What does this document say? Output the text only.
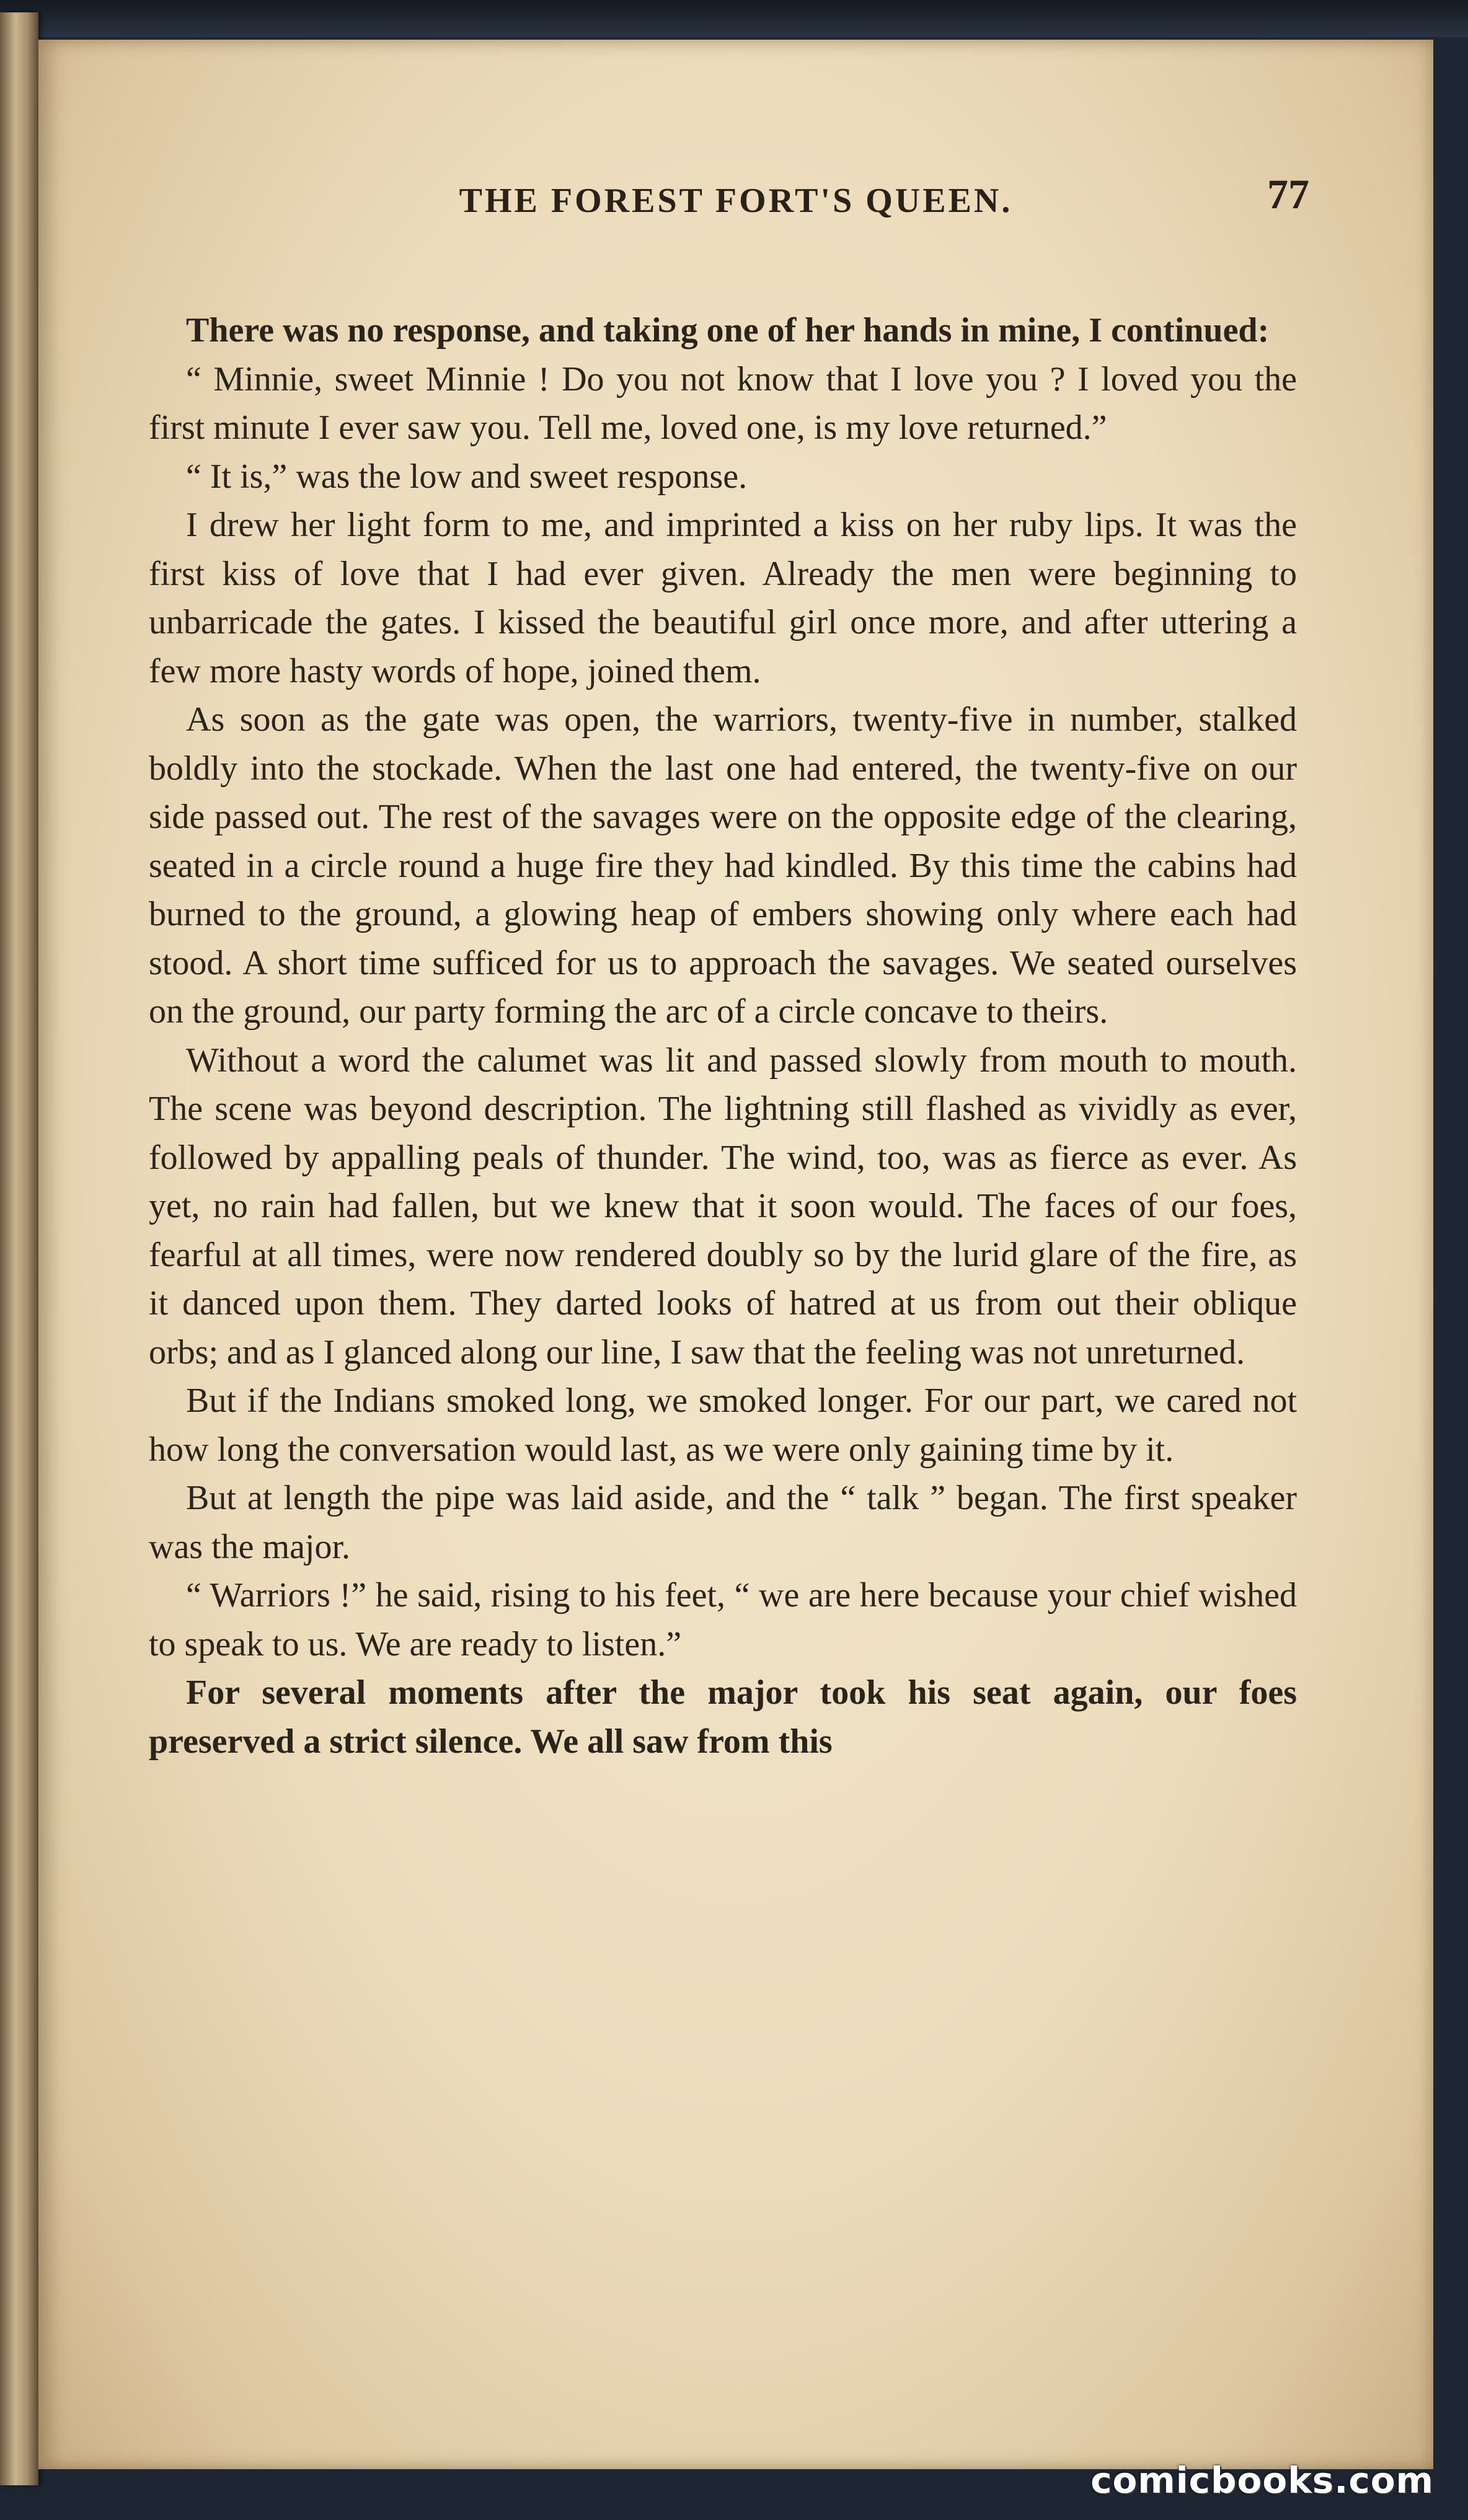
THE FOREST FORT'S QUEEN.	77

There was no response, and taking one of her hands in mine, I continued:

“ Minnie, sweet Minnie ! Do you not know that I love you ? I loved you the first minute I ever saw you. Tell me, loved one, is my love returned.”

“ It is,” was the low and sweet response.

I drew her light form to me, and imprinted a kiss on her ruby lips. It was the first kiss of love that I had ever given. Already the men were beginning to unbarricade the gates. I kissed the beautiful girl once more, and after uttering a few more hasty words of hope, joined them.

As soon as the gate was open, the warriors, twenty-five in number, stalked boldly into the stockade. When the last one had entered, the twenty-five on our side passed out. The rest of the savages were on the opposite edge of the clearing, seated in a circle round a huge fire they had kindled. By this time the cabins had burned to the ground, a glowing heap of embers showing only where each had stood. A short time sufficed for us to approach the savages. We seated ourselves on the ground, our party forming the arc of a circle concave to theirs.

Without a word the calumet was lit and passed slowly from mouth to mouth. The scene was beyond description. The lightning still flashed as vividly as ever, followed by appalling peals of thunder. The wind, too, was as fierce as ever. As yet, no rain had fallen, but we knew that it soon would. The faces of our foes, fearful at all times, were now rendered doubly so by the lurid glare of the fire, as it danced upon them. They darted looks of hatred at us from out their oblique orbs; and as I glanced along our line, I saw that the feeling was not unreturned.

But if the Indians smoked long, we smoked longer. For our part, we cared not how long the conversation would last, as we were only gaining time by it.

But at length the pipe was laid aside, and the “ talk ” began. The first speaker was the major.

“ Warriors !” he said, rising to his feet, “ we are here because your chief wished to speak to us. We are ready to listen.”

For several moments after the major took his seat again, our foes preserved a strict silence. We all saw from this

comicbooks.com
